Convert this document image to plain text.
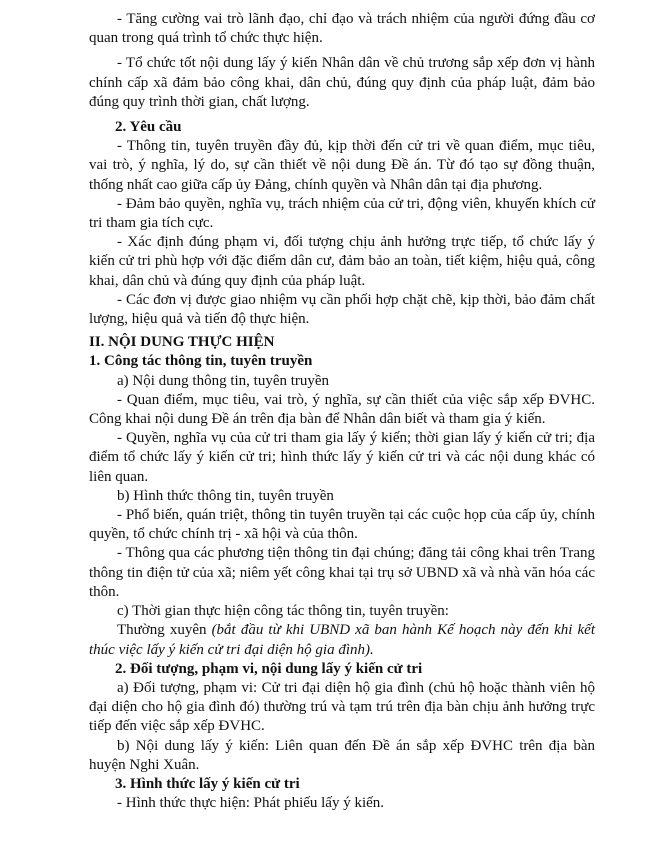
- Tăng cường vai trò lãnh đạo, chỉ đạo và trách nhiệm của người đứng đầu cơ quan trong quá trình tổ chức thực hiện.

- Tổ chức tốt nội dung lấy ý kiến Nhân dân về chủ trương sắp xếp đơn vị hành chính cấp xã đảm bảo công khai, dân chủ, đúng quy định của pháp luật, đảm bảo đúng quy trình thời gian, chất lượng.

2. Yêu cầu

- Thông tin, tuyên truyền đầy đủ, kịp thời đến cử tri về quan điểm, mục tiêu, vai trò, ý nghĩa, lý do, sự cần thiết về nội dung Đề án. Từ đó tạo sự đồng thuận, thống nhất cao giữa cấp ủy Đảng, chính quyền và Nhân dân tại địa phương.

- Đảm bảo quyền, nghĩa vụ, trách nhiệm của cử tri, động viên, khuyến khích cử tri tham gia tích cực.

- Xác định đúng phạm vi, đối tượng chịu ảnh hưởng trực tiếp, tổ chức lấy ý kiến cử tri phù hợp với đặc điểm dân cư, đảm bảo an toàn, tiết kiệm, hiệu quả, công khai, dân chủ và đúng quy định của pháp luật.

- Các đơn vị được giao nhiệm vụ cần phối hợp chặt chẽ, kịp thời, bảo đảm chất lượng, hiệu quả và tiến độ thực hiện.

II. NỘI DUNG THỰC HIỆN

1. Công tác thông tin, tuyên truyền

a) Nội dung thông tin, tuyên truyền

- Quan điểm, mục tiêu, vai trò, ý nghĩa, sự cần thiết của việc sắp xếp ĐVHC. Công khai nội dung Đề án trên địa bàn để Nhân dân biết và tham gia ý kiến.

- Quyền, nghĩa vụ của cử tri tham gia lấy ý kiến; thời gian lấy ý kiến cử tri; địa điểm tổ chức lấy ý kiến cử tri; hình thức lấy ý kiến cử tri và các nội dung khác có liên quan.

b) Hình thức thông tin, tuyên truyền

- Phổ biến, quán triệt, thông tin tuyên truyền tại các cuộc họp của cấp ủy, chính quyền, tổ chức chính trị - xã hội và của thôn.

- Thông qua các phương tiện thông tin đại chúng; đăng tải công khai trên Trang thông tin điện tử của xã; niêm yết công khai tại trụ sở UBND xã và nhà văn hóa các thôn.

c) Thời gian thực hiện công tác thông tin, tuyên truyền:

Thường xuyên (bắt đầu từ khi UBND xã ban hành Kế hoạch này đến khi kết thúc việc lấy ý kiến cử tri đại diện hộ gia đình).

2. Đối tượng, phạm vi, nội dung lấy ý kiến cử tri

a) Đối tượng, phạm vi: Cử tri đại diện hộ gia đình (chủ hộ hoặc thành viên hộ đại diện cho hộ gia đình đó) thường trú và tạm trú trên địa bàn chịu ảnh hưởng trực tiếp đến việc sắp xếp ĐVHC.

b) Nội dung lấy ý kiến: Liên quan đến Đề án sắp xếp ĐVHC trên địa bàn huyện Nghi Xuân.

3. Hình thức lấy ý kiến cử tri

- Hình thức thực hiện: Phát phiếu lấy ý kiến.
